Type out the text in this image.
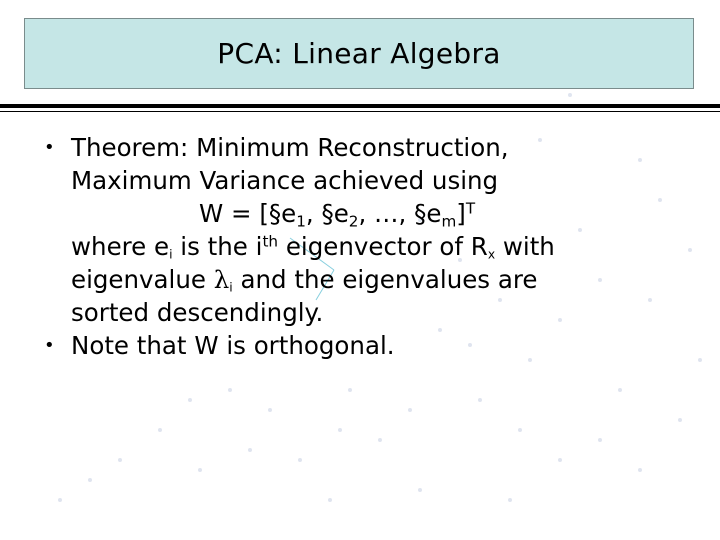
PCA: Linear Algebra
• Theorem: Minimum Reconstruction,
Maximum Variance achieved using
$W = [\S e_1$, $\S e_2$, …, $\S e_m]^T$
where ei is the $i^{th}$ eigenvector of Rx with
eigenvalue λi and the eigenvalues are
sorted descendingly.
• Note that W is orthogonal.
